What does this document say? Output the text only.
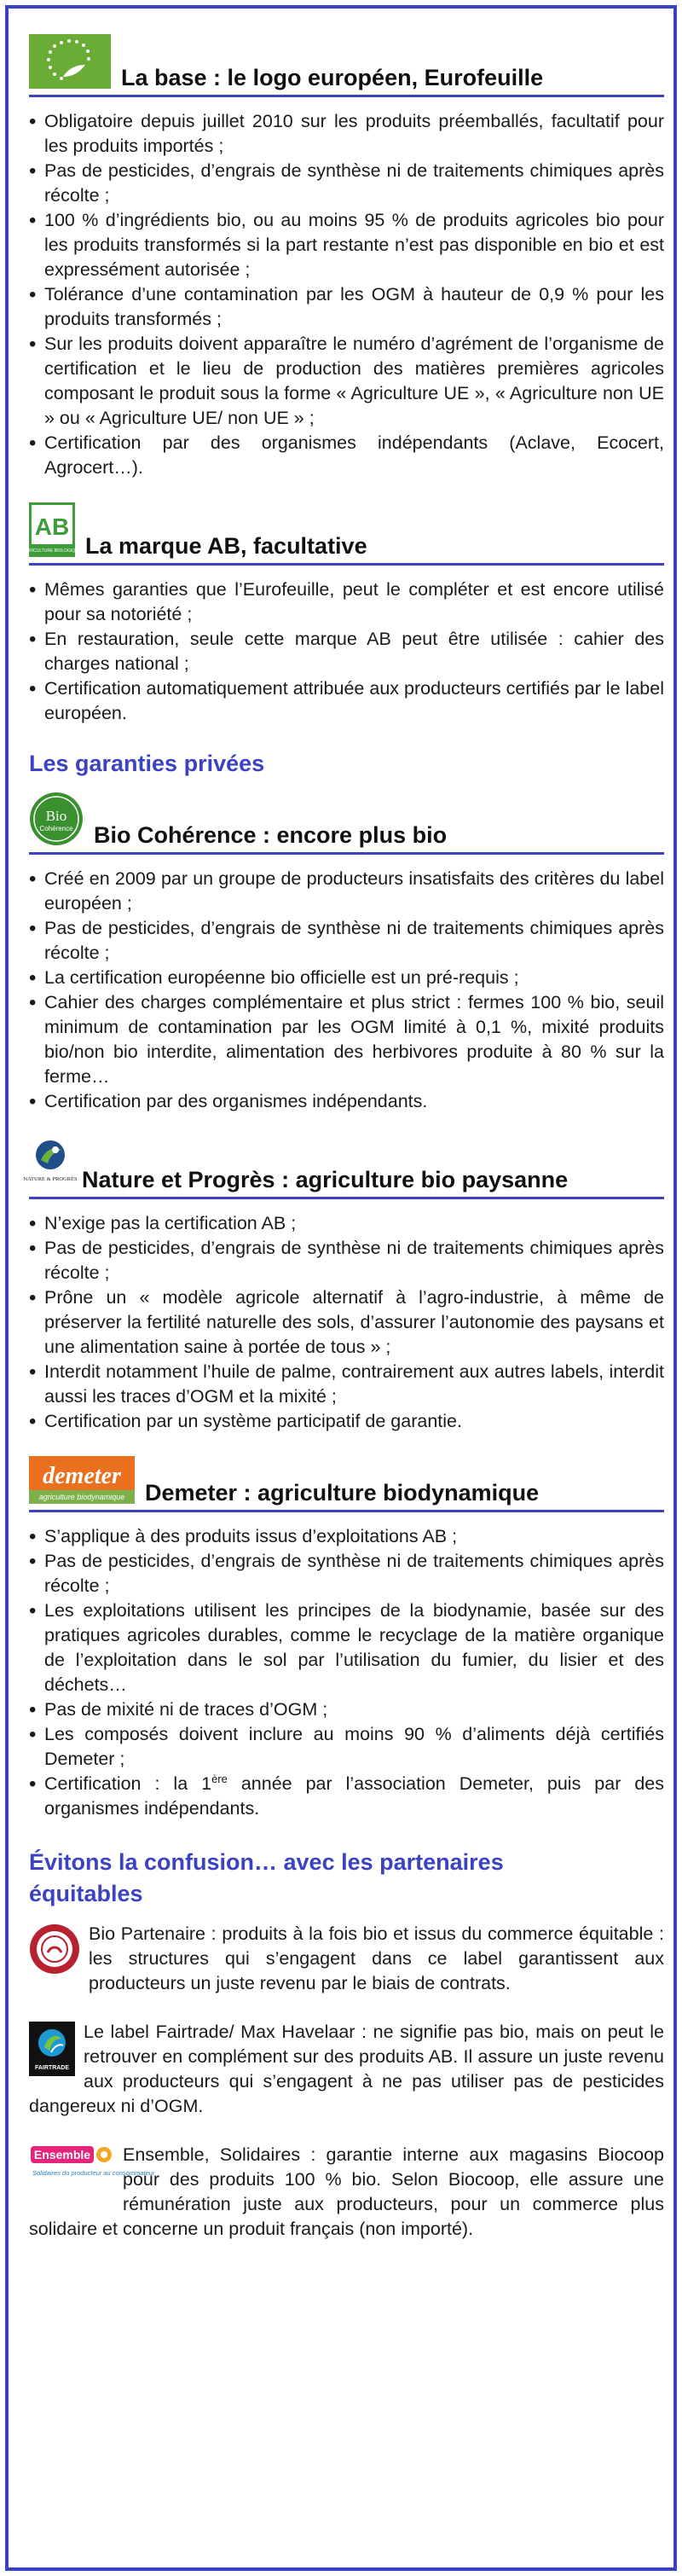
La base : le logo européen, Eurofeuille
• Obligatoire depuis juillet 2010 sur les produits préemballés, facultatif pour les produits importés ;
• Pas de pesticides, d’engrais de synthèse ni de traitements chimiques après récolte ;
• 100 % d’ingrédients bio, ou au moins 95 % de produits agricoles bio pour les produits transformés si la part restante n’est pas disponible en bio et est expressément autorisée ;
• Tolérance d’une contamination par les OGM à hauteur de 0,9 % pour les produits transformés ;
• Sur les produits doivent apparaître le numéro d’agrément de l’organisme de certification et le lieu de production des matières premières agricoles composant le produit sous la forme « Agriculture UE », « Agriculture non UE » ou « Agriculture UE/ non UE » ;
• Certification par des organismes indépendants (Aclave, Ecocert, Agrocert…).
AB
AGRICULTURE BIOLOGIQUE La marque AB, facultative
• Mêmes garanties que l’Eurofeuille, peut le compléter et est encore utilisé pour sa notoriété ;
• En restauration, seule cette marque AB peut être utilisée : cahier des charges national ;
• Certification automatiquement attribuée aux producteurs certifiés par le label européen.
Les garanties privées
Bio
Cohérence Bio Cohérence : encore plus bio
• Créé en 2009 par un groupe de producteurs insatisfaits des critères du label européen ;
• Pas de pesticides, d’engrais de synthèse ni de traitements chimiques après récolte ;
• La certification européenne bio officielle est un pré-requis ;
• Cahier des charges complémentaire et plus strict : fermes 100 % bio, seuil minimum de contamination par les OGM limité à 0,1 %, mixité produits bio/non bio interdite, alimentation des herbivores produite à 80 % sur la ferme…
• Certification par des organismes indépendants.
NATURE & PROGRÈS Nature et Progrès : agriculture bio paysanne
• N’exige pas la certification AB ;
• Pas de pesticides, d’engrais de synthèse ni de traitements chimiques après récolte ;
• Prône un « modèle agricole alternatif à l’agro-industrie, à même de préserver la fertilité naturelle des sols, d’assurer l’autonomie des paysans et une alimentation saine à portée de tous » ;
• Interdit notamment l’huile de palme, contrairement aux autres labels, interdit aussi les traces d’OGM et la mixité ;
• Certification par un système participatif de garantie.
demeter
agriculture biodynamique Demeter : agriculture biodynamique
• S’applique à des produits issus d’exploitations AB ;
• Pas de pesticides, d’engrais de synthèse ni de traitements chimiques après récolte ;
• Les exploitations utilisent les principes de la biodynamie, basée sur des pratiques agricoles durables, comme le recyclage de la matière organique de l’exploitation dans le sol par l’utilisation du fumier, du lisier et des déchets…
• Pas de mixité ni de traces d’OGM ;
• Les composés doivent inclure au moins 90 % d’aliments déjà certifiés Demeter ;
• Certification : la 1ère année par l’association Demeter, puis par des organismes indépendants.
Évitons la confusion… avec les partenaires équitables

Bio Partenaire : produits à la fois bio et issus du commerce équitable : les structures qui s’engagent dans ce label garantissent aux producteurs un juste revenu par le biais de contrats.

FAIRTRADE

Le label Fairtrade/ Max Havelaar : ne signifie pas bio, mais on peut le retrouver en complément sur des produits AB. Il assure un juste revenu aux producteurs qui s’engagent à ne pas utiliser pas de pesticides dangereux ni d’OGM.

Ensemble
Solidaires du producteur au consommateur

Ensemble, Solidaires : garantie interne aux magasins Biocoop pour des produits 100 % bio. Selon Biocoop, elle assure une rémunération juste aux producteurs, pour un commerce plus solidaire et concerne un produit français (non importé).
